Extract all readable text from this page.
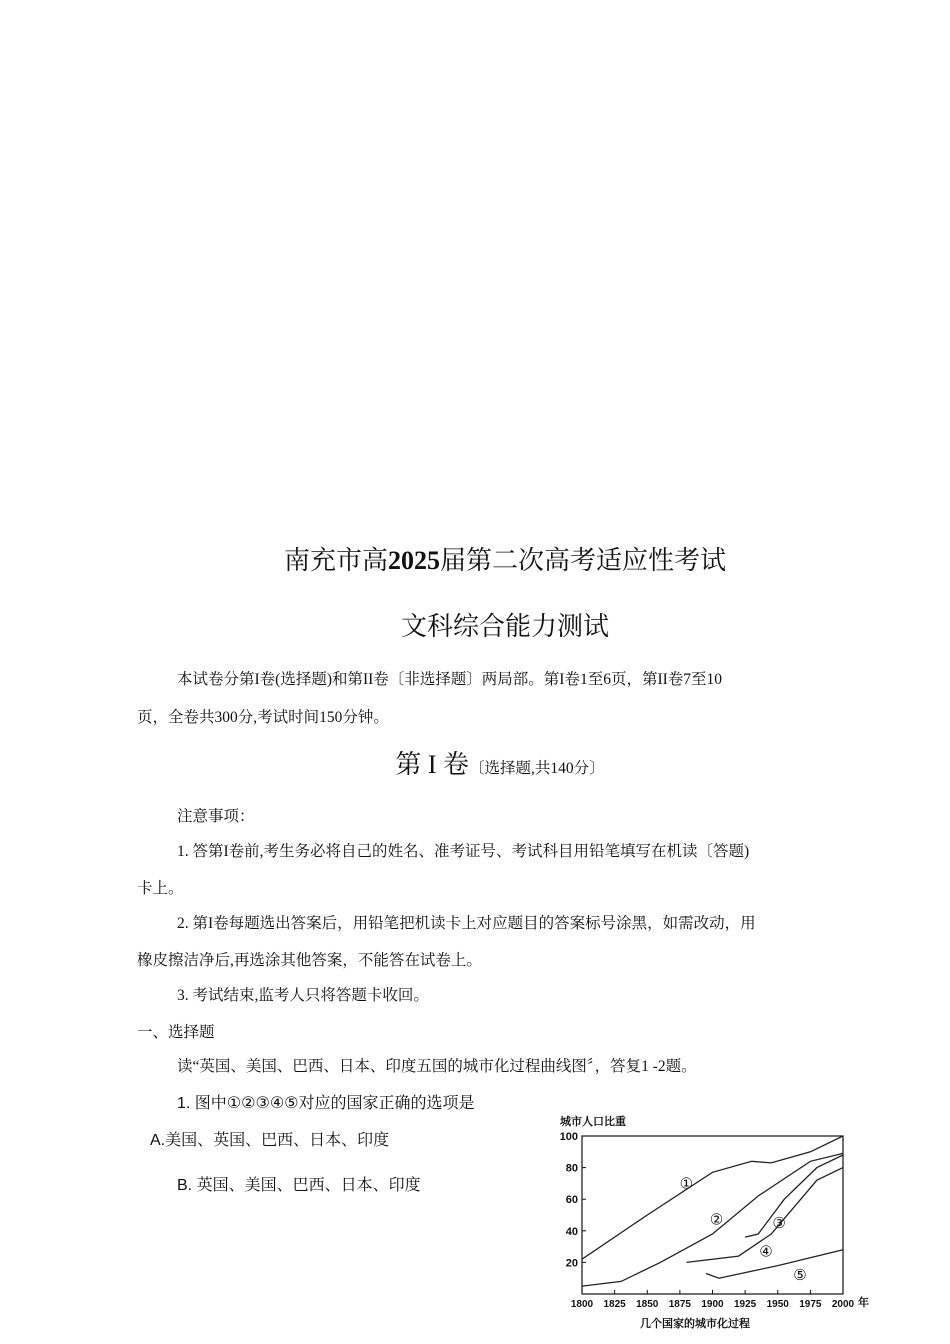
南充市高2025届第二次高考适应性考试
文科综合能力测试
本试卷分第I卷(选择题)和第II卷〔非选择题〕两局部。第I卷1至6页，第II卷7至10
页，全卷共300分,考试时间150分钟。
第 I 卷〔选择题,共140分〕
注意事项：
1. 答第I卷前,考生务必将自己的姓名、准考证号、考试科目用铅笔填写在机读〔答题)
卡上。
2. 第I卷每题选出答案后，用铅笔把机读卡上对应题目的答案标号涂黑，如需改动，用
橡皮擦洁净后,再选涂其他答案，不能答在试卷上。
3. 考试结束,监考人只将答题卡收回。
一、选择题
读“英国、美国、巴西、日本、印度五国的城市化过程曲线图〞，答复1 -2题。
1. 图中①②③④⑤对应的国家正确的选项是
A.美国、英国、巴西、日本、印度
B. 英国、美国、巴西、日本、印度
城市人口比重
20
40
60
80
100
1800 1825 1850 1875 1900 1925 1950 1975 2000
①
②	③
④
⑤
年
几个国家的城市化过程
